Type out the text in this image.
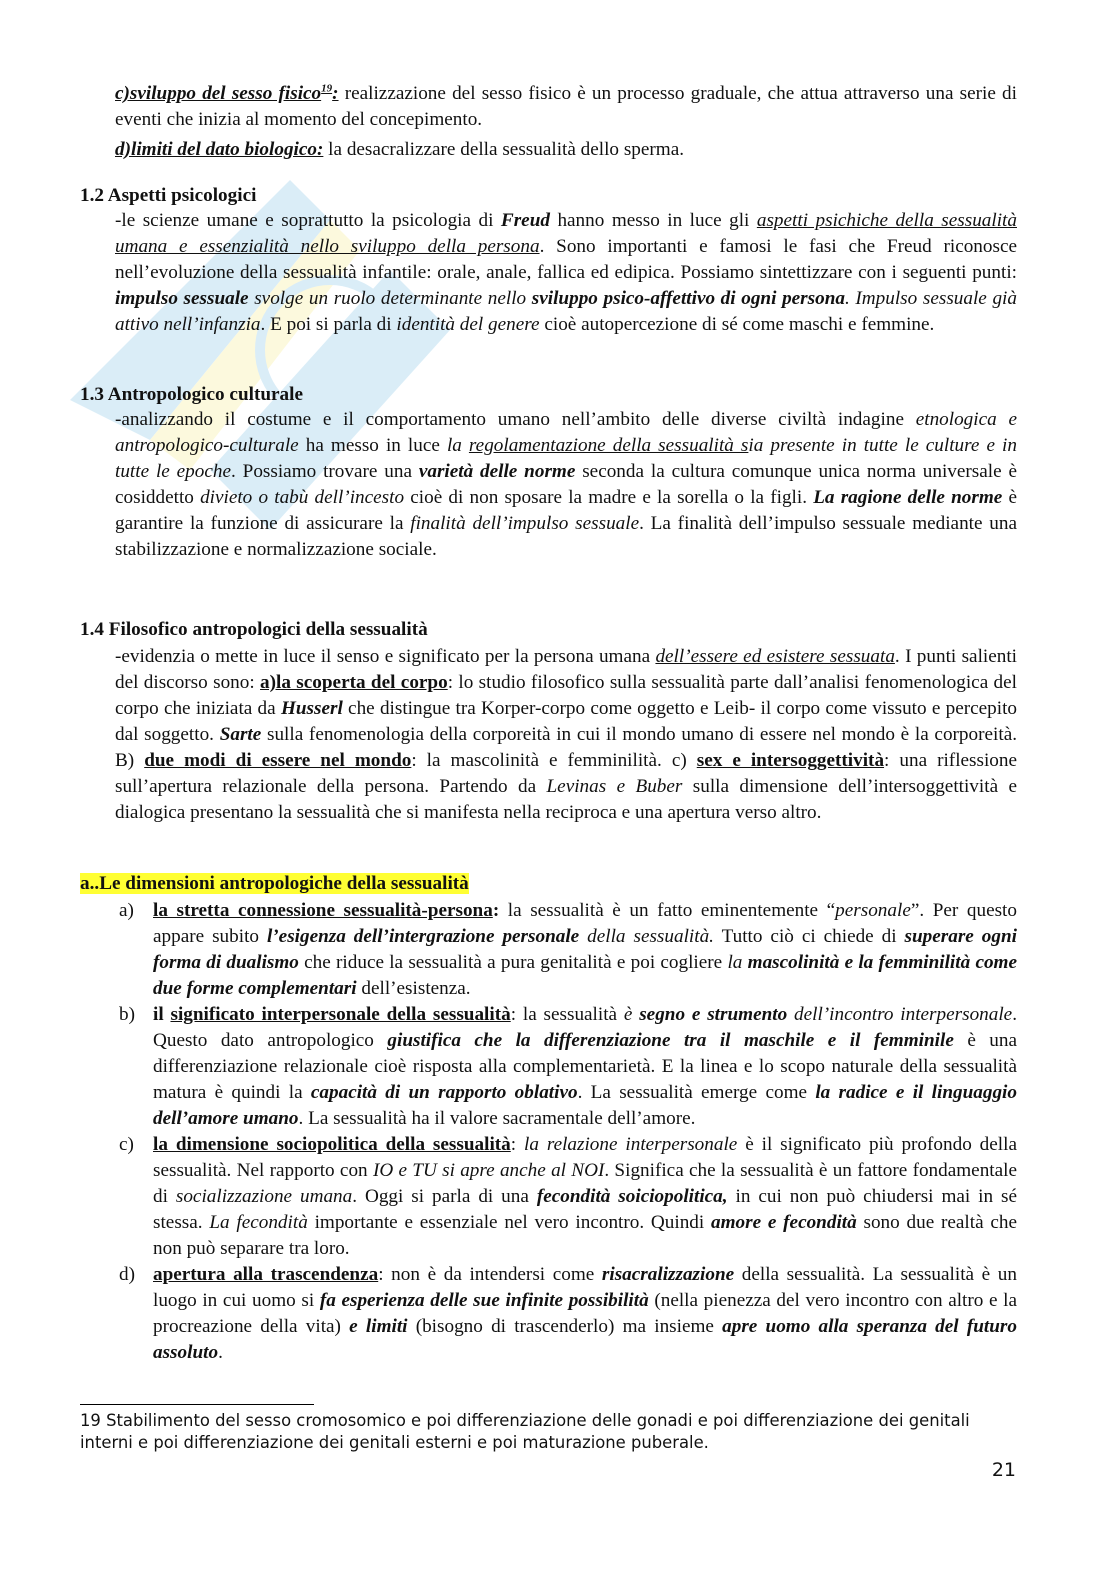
c)sviluppo del sesso fisico$^{19}$: realizzazione del sesso fisico è un processo graduale, che attua attraverso una serie di eventi che inizia al momento del concepimento.
d)limiti del dato biologico: la desacralizzare della sessualità dello sperma.
1.2 Aspetti psicologici
-le scienze umane e soprattutto la psicologia di Freud hanno messo in luce gli aspetti psichiche della sessualità umana e essenzialità nello sviluppo della persona. Sono importanti e famosi le fasi che Freud riconosce nell’evoluzione della sessualità infantile: orale, anale, fallica ed edipica. Possiamo sintettizzare con i seguenti punti: impulso sessuale svolge un ruolo determinante nello sviluppo psico-affettivo di ogni persona. Impulso sessuale già attivo nell’infanzia. E poi si parla di identità del genere cioè autopercezione di sé come maschi e femmine.
1.3 Antropologico culturale
-analizzando il costume e il comportamento umano nell’ambito delle diverse civiltà indagine etnologica e antropologico-culturale ha messo in luce la regolamentazione della sessualità sia presente in tutte le culture e in tutte le epoche. Possiamo trovare una varietà delle norme seconda la cultura comunque unica norma universale è cosiddetto divieto o tabù dell’incesto cioè di non sposare la madre e la sorella o la figli. La ragione delle norme è garantire la funzione di assicurare la finalità dell’impulso sessuale. La finalità dell’impulso sessuale mediante una stabilizzazione e normalizzazione sociale.
1.4 Filosofico antropologici della sessualità
-evidenzia o mette in luce il senso e significato per la persona umana dell’essere ed esistere sessuata. I punti salienti del discorso sono: a)la scoperta del corpo: lo studio filosofico sulla sessualità parte dall’analisi fenomenologica del corpo che iniziata da Husserl che distingue tra Korper-corpo come oggetto e Leib- il corpo come vissuto e percepito dal soggetto. Sarte sulla fenomenologia della corporeità in cui il mondo umano di essere nel mondo è la corporeità. B) due modi di essere nel mondo: la mascolinità e femminilità. c) sex e intersoggettività: una riflessione sull’apertura relazionale della persona. Partendo da Levinas e Buber sulla dimensione dell’intersoggettività e dialogica presentano la sessualità che si manifesta nella reciproca e una apertura verso altro.
a..Le dimensioni antropologiche della sessualità
a) la stretta connessione sessualità-persona: la sessualità è un fatto eminentemente “personale”. Per questo appare subito l’esigenza dell’intergrazione personale della sessualità. Tutto ciò ci chiede di superare ogni forma di dualismo che riduce la sessualità a pura genitalità e poi cogliere la mascolinità e la femminilità come due forme complementari dell’esistenza.
b) il significato interpersonale della sessualità: la sessualità è segno e strumento dell’incontro interpersonale. Questo dato antropologico giustifica che la differenziazione tra il maschile e il femminile è una differenziazione relazionale cioè risposta alla complementarietà. E la linea e lo scopo naturale della sessualità matura è quindi la capacità di un rapporto oblativo. La sessualità emerge come la radice e il linguaggio dell’amore umano. La sessualità ha il valore sacramentale dell’amore.
c) la dimensione sociopolitica della sessualità: la relazione interpersonale è il significato più profondo della sessualità. Nel rapporto con IO e TU si apre anche al NOI. Significa che la sessualità è un fattore fondamentale di socializzazione umana. Oggi si parla di una fecondità soiciopolitica, in cui non può chiudersi mai in sé stessa. La fecondità importante e essenziale nel vero incontro. Quindi amore e fecondità sono due realtà che non può separare tra loro.
d) apertura alla trascendenza: non è da intendersi come risacralizzazione della sessualità. La sessualità è un luogo in cui uomo si fa esperienza delle sue infinite possibilità (nella pienezza del vero incontro con altro e la procreazione della vita) e limiti (bisogno di trascenderlo) ma insieme apre uomo alla speranza del futuro assoluto.
19 Stabilimento del sesso cromosomico e poi differenziazione delle gonadi e poi differenziazione dei genitali interni e poi differenziazione dei genitali esterni e poi maturazione puberale.
21
